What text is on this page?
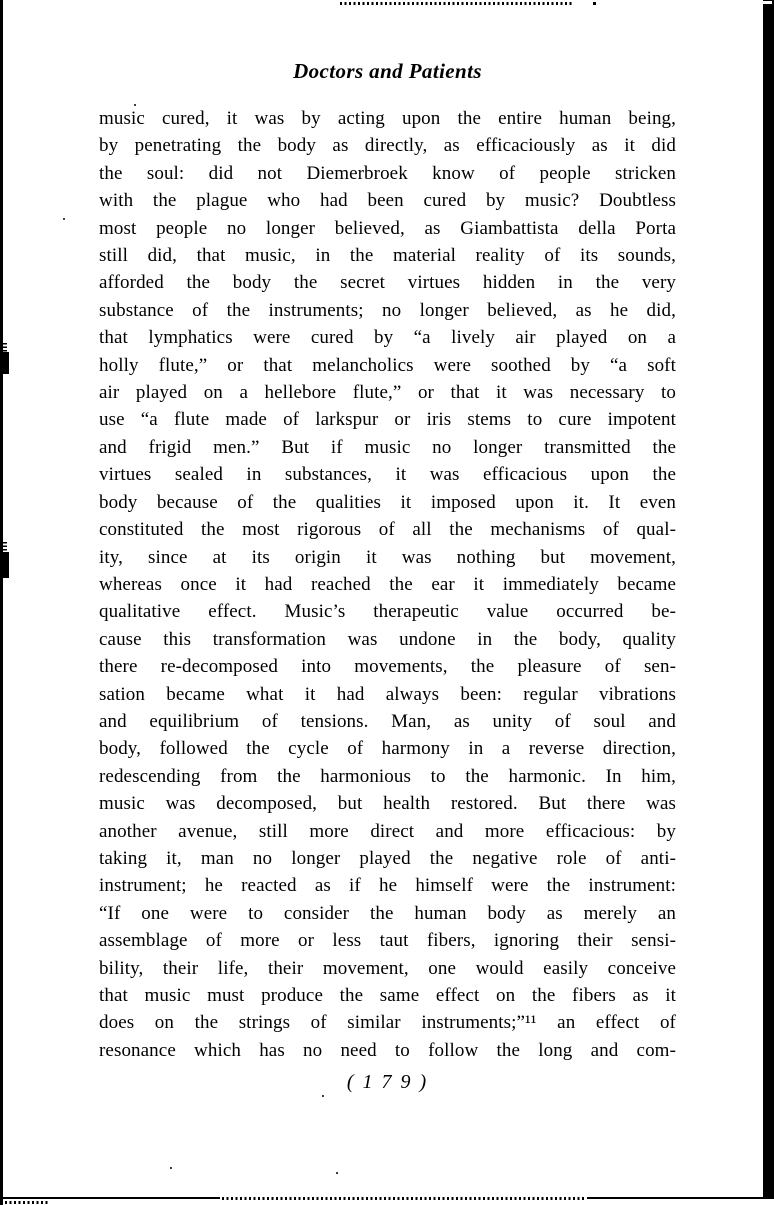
Doctors and Patients
music cured, it was by acting upon the entire human being,
by penetrating the body as directly, as efficaciously as it did
the soul: did not Diemerbroek know of people stricken
with the plague who had been cured by music? Doubtless
most people no longer believed, as Giambattista della Porta
still did, that music, in the material reality of its sounds,
afforded the body the secret virtues hidden in the very
substance of the instruments; no longer believed, as he did,
that lymphatics were cured by “a lively air played on a
holly flute,” or that melancholics were soothed by “a soft
air played on a hellebore flute,” or that it was necessary to
use “a flute made of larkspur or iris stems to cure impotent
and frigid men.” But if music no longer transmitted the
virtues sealed in substances, it was efficacious upon the
body because of the qualities it imposed upon it. It even
constituted the most rigorous of all the mechanisms of qual-
ity, since at its origin it was nothing but movement,
whereas once it had reached the ear it immediately became
qualitative effect. Music’s therapeutic value occurred be-
cause this transformation was undone in the body, quality
there re-decomposed into movements, the pleasure of sen-
sation became what it had always been: regular vibrations
and equilibrium of tensions. Man, as unity of soul and
body, followed the cycle of harmony in a reverse direction,
redescending from the harmonious to the harmonic. In him,
music was decomposed, but health restored. But there was
another avenue, still more direct and more efficacious: by
taking it, man no longer played the negative role of anti-
instrument; he reacted as if he himself were the instrument:
“If one were to consider the human body as merely an
assemblage of more or less taut fibers, ignoring their sensi-
bility, their life, their movement, one would easily conceive
that music must produce the same effect on the fibers as it
does on the strings of similar instruments;”¹¹ an effect of
resonance which has no need to follow the long and com-
( 1 7 9 )
